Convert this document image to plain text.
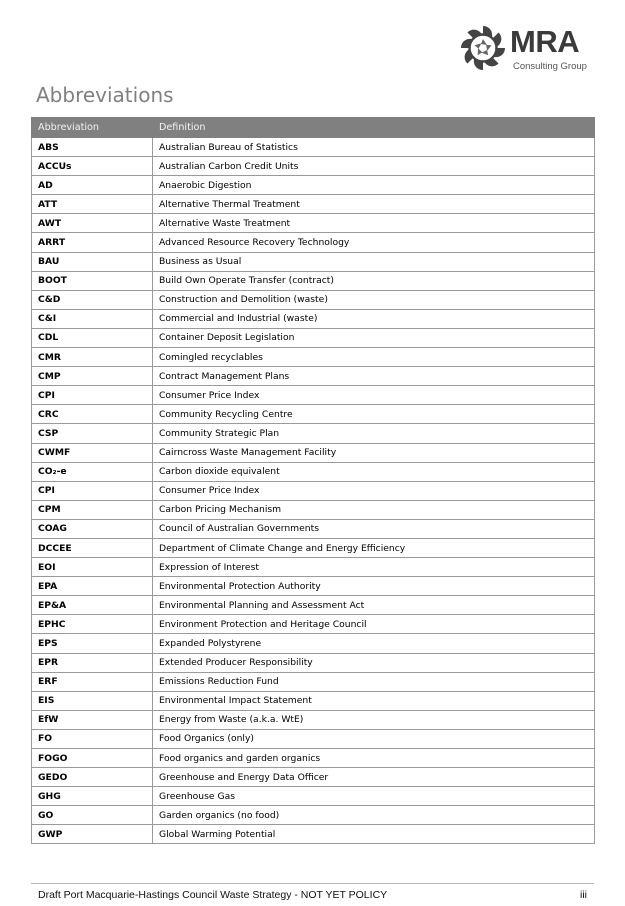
MRA
Consulting Group
Abbreviations
Abbreviation	Definition
ABS	Australian Bureau of Statistics
ACCUs	Australian Carbon Credit Units
AD	Anaerobic Digestion
ATT	Alternative Thermal Treatment
AWT	Alternative Waste Treatment
ARRT	Advanced Resource Recovery Technology
BAU	Business as Usual
BOOT	Build Own Operate Transfer (contract)
C&D	Construction and Demolition (waste)
C&I	Commercial and Industrial (waste)
CDL	Container Deposit Legislation
CMR	Comingled recyclables
CMP	Contract Management Plans
CPI	Consumer Price Index
CRC	Community Recycling Centre
CSP	Community Strategic Plan
CWMF	Cairncross Waste Management Facility
CO₂-e	Carbon dioxide equivalent
CPI	Consumer Price Index
CPM	Carbon Pricing Mechanism
COAG	Council of Australian Governments
DCCEE	Department of Climate Change and Energy Efficiency
EOI	Expression of Interest
EPA	Environmental Protection Authority
EP&A	Environmental Planning and Assessment Act
EPHC	Environment Protection and Heritage Council
EPS	Expanded Polystyrene
EPR	Extended Producer Responsibility
ERF	Emissions Reduction Fund
EIS	Environmental Impact Statement
EfW	Energy from Waste (a.k.a. WtE)
FO	Food Organics (only)
FOGO	Food organics and garden organics
GEDO	Greenhouse and Energy Data Officer
GHG	Greenhouse Gas
GO	Garden organics (no food)
GWP	Global Warming Potential
Draft Port Macquarie-Hastings Council Waste Strategy - NOT YET POLICY	iii
